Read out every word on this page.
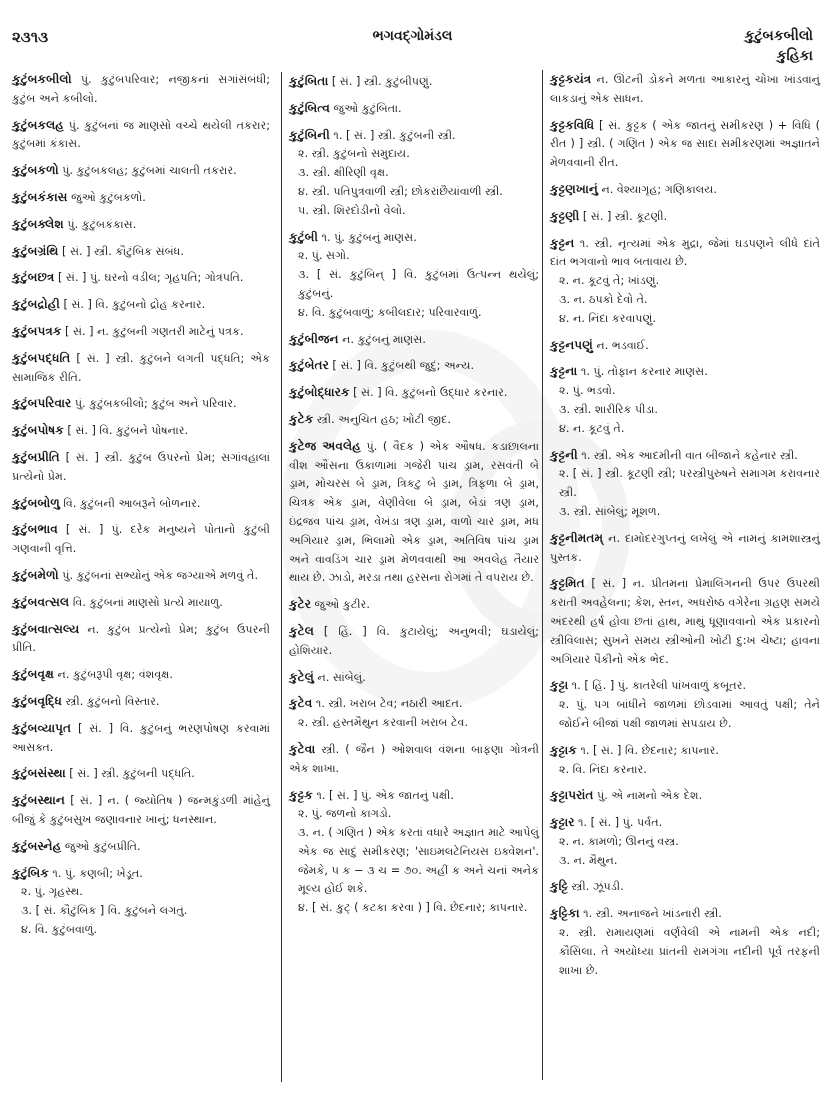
૨૩૧૩	ભગવદ્ગોમંડલ	કુટુંબકબીલો
કુહિકા
કુટુંબકબીલો પું. કુટુંબપરિવાર; નજીકનાં સગાંસંબંધી; કુટુંબ અને કબીલો.
કુટુંબકલહ પું. કુટુંબનાં જ માણસો વચ્ચે થયેલી તકરાર; કુટુંબમાં કંકાસ.
કુટુંબકળો પું. કુટુંબકલહ; કુટુંબમાં ચાલતી તકરાર.
કુટુંબકંકાસ જુઓ કુટુંબકળો.
કુટુંબક્લેશ પું. કુટુંબકંકાસ.
કુટુંબગ્રંથિ [ સં. ] સ્ત્રી. કૌટુંબિક સંબંધ.
કુટુંબછત્ર [ સં. ] પું. ઘરનો વડીલ; ગૃહપતિ; ગોત્રપતિ.
કુટુંબદ્રોહી [ સં. ] વિ. કુટુંબનો દ્રોહ કરનાર.
કુટુંબપત્રક [ સં. ] ન. કુટુંબની ગણતરી માટેનું પત્રક.
કુટુંબપદ્ધતિ [ સં. ] સ્ત્રી. કુટુંબને લગતી પદ્ધતિ; એક સામાજિક રીતિ.
કુટુંબપરિવાર પું. કુટુંબકબીલો; કુટુંબ અને પરિવાર.
કુટુંબપોષક [ સં. ] વિ. કુટુંબને પોષનાર.
કુટુંબપ્રીતિ [ સં. ] સ્ત્રી. કુટુંબ ઉપરનો પ્રેમ; સગાંવહાલાં પ્રત્યેનો પ્રેમ.
કુટુંબબોળુ વિ. કુટુંબની આબરૂને બોળનાર.
કુટુંબભાવ [ સં. ] પું. દરેક મનુષ્યને પોતાનો કુટુંબી ગણવાની વૃત્તિ.
કુટુંબમેળો પું. કુટુંબનાં સભ્યોનું એક જગ્યાએ મળવું તે.
કુટુંબવત્સલ વિ. કુટુંબનાં માણસો પ્રત્યે માયાળુ.
કુટુંબવાત્સલ્ય ન. કુટુંબ પ્રત્યેનો પ્રેમ; કુટુંબ ઉપરની પ્રીતિ.
કુટુંબવૃક્ષ ન. કુટુંબરૂપી વૃક્ષ; વંશવૃક્ષ.
કુટુંબવૃદ્ધિ સ્ત્રી. કુટુંબનો વિસ્તાર.
કુટુંબવ્યાપૃત [ સં. ] વિ. કુટુંબનું ભરણપોષણ કરવામાં આસક્ત.
કુટુંબસંસ્થા [ સં. ] સ્ત્રી. કુટુંબની પદ્ધતિ.
કુટુંબસ્થાન [ સં. ] ન. ( જ્યોતિષ ) જન્મકુંડળી માંહેનું બીજું કે કુટુંબસુખ જણાવનાર ખાનું; ધનસ્થાન.
કુટુંબસ્નેહ જુઓ કુટુંબપ્રીતિ.
કુટુંબિક ૧. પું. કણબી; ખેડૂત.
૨. પું. ગૃહસ્થ.
૩. [ સં. કૌટુંબિક ] વિ. કુટુંબને લગતું.
૪. વિ. કુટુંબવાળું.
કુટુંબિતા [ સં. ] સ્ત્રી. કુટુંબીપણું.
કુટુંબિત્વ જુઓ કુટુંબિતા.
કુટુંબિની ૧. [ સં. ] સ્ત્રી. કુટુંબની સ્ત્રી.
૨. સ્ત્રી. કુટુંબનો સમુદાય.
૩. સ્ત્રી. ક્ષીરિણી વૃક્ષ.
૪. સ્ત્રી. પતિપુત્રવાળી સ્ત્રી; છોકરાંછૈયાંવાળી સ્ત્રી.
૫. સ્ત્રી. શિરદોડીનો વેલો.
કુટુંબી ૧. પું. કુટુંબનું માણસ.
૨. પું. સગો.
૩. [ સં. કુટુંબિન્ ] વિ. કુટુંબમાં ઉત્પન્ન થયેલું; કુટુંબનું.
૪. વિ. કુટુંબવાળું; કબીલદાર; પરિવારવાળું.
કુટુંબીજન ન. કુટુંબનું માણસ.
કુટુંબેતર [ સં. ] વિ. કુટુંબથી જુદું; અન્ય.
કુટુંબોદ્ધારક [ સં. ] વિ. કુટુંબનો ઉદ્ધાર કરનાર.
કુટેક સ્ત્રી. અનુચિત હઠ; ખોટી જીદ.
કુટેજ અવલેહ પું. ( વૈદક ) એક ઔષધ. કડાછાલના વીશ ઔંસના ઉકાળામાં ગજેરી પાંચ ડ્રામ, રસવંતી બે ડ્રામ, મોચરસ બે ડ્રામ, ત્રિકટુ બે ડ્રામ, ત્રિફળા બે ડ્રામ, ચિત્રક એક ડ્રામ, વેણીવેલા બે ડ્રામ, બેડાં ત્રણ ડ્રામ, ઇંદ્રજવ પાંચ ડ્રામ, વેખંડા ત્રણ ડ્રામ, વાળો ચાર ડ્રામ, મધ અગિયાર ડ્રામ, ભિલામો એક ડ્રામ, અતિવિષ પાંચ ડ્રામ અને વાવડિંગ ચાર ડ્રામ મેળવવાથી આ અવલેહ તૈયાર થાય છે. ઝાડો, મરડા તથા હરસના રોગમાં તે વપરાય છે.
કુટેર જુઓ કુટીર.
કુટેલ [ હિં. ] વિ. કુટાયેલું; અનુભવી; ઘડાયેલું; હોશિયાર.
કુટેલું ન. સાંબેલું.
કુટેવ ૧. સ્ત્રી. ખરાબ ટેવ; નઠારી આદત.
૨. સ્ત્રી. હસ્તમૈથુન કરવાની ખરાબ ટેવ.
કુટેવા સ્ત્રી. ( જૈન ) ઓશવાલ વંશના બાફણા ગોત્રની એક શાખા.
કુટ્ટક ૧. [ સં. ] પું. એક જાતનું પક્ષી.
૨. પું. જળનો કાગડો.
૩. ન. ( ગણિત ) એક કરતાં વધારે અજ્ઞાત માટે આપેલું એક જ સાદું સમીકરણ; 'સાઇમલટેનિયસ ઇક્વેશન'. જેમકે, ૫ ક − ૩ ચ = ૭૦. અહીં ક અને ચનાં અનેક મૂલ્ય હોઈ શકે.
૪. [ સં. કુટ્ ( કટકા કરવા ) ] વિ. છેદનાર; કાપનાર.
કુટ્ટકયંત્ર ન. ઊંટની ડોકને મળતા આકારનું ચોખા ખાંડવાનું લાકડાનું એક સાધન.
કુટ્ટકવિધિ [ સં. કુટ્ટક ( એક જાતનું સમીકરણ ) + વિધિ ( રીત ) ] સ્ત્રી. ( ગણિત ) એક જ સાદા સમીકરણમાં અજ્ઞાતને મેળવવાની રીત.
કુટ્ટણખાનું ન. વેશ્યાગૃહ; ગણિકાલય.
કુટ્ટણી [ સં. ] સ્ત્રી. કૂટણી.
કુટ્ટન ૧. સ્ત્રી. નૃત્યમાં એક મુદ્રા, જેમાં ઘડપણને લીધે દાંતે દાંત ભગવાનો ભાવ બતાવાય છે.
૨. ન. કૂટવું તે; ખાંડણું.
૩. ન. ઠપકો દેવો તે.
૪. ન. નિંદા કરવાપણું.
કુટ્ટનપણું ન. ભડવાઈ.
કુટ્ટના ૧. પું. તોફાન કરનાર માણસ.
૨. પું. ભડવો.
૩. સ્ત્રી. શારીરિક પીડા.
૪. ન. કૂટવું તે.
કુટ્ટની ૧. સ્ત્રી. એક આદમીની વાત બીજાને કહેનાર સ્ત્રી.
૨. [ સં. ] સ્ત્રી. કૂટણી સ્ત્રી; પરસ્ત્રીપુરુષને સમાગમ કરાવનાર સ્ત્રી.
૩. સ્ત્રી. સાંબેલું; મૂશળ.
કુટ્ટનીમતમ્ ન. દામોદરગુપ્તનું લખેલું એ નામનું કામશાસ્ત્રનું પુસ્તક.
કુટ્ટમિત [ સં. ] ન. પ્રીતમના પ્રેમાલિંગનની ઉપર ઉપરથી કરાતી અવહેલના; કેશ, સ્તન, અધરોષ્ઠ વગેરેના ગ્રહણ સમયે અંદરથી હર્ષ હોવા છતાં હાથ, માથું ધૂણાવવાનો એક પ્રકારનો સ્ત્રીવિલાસ; સુખને સમય સ્ત્રીઓની ખોટી દુ:ખ ચેષ્ટા; હાવના અગિયાર પૈકીનો એક ભેદ.
કુટ્ટા ૧. [ હિં. ] પું. કાતરેલી પાંખવાળું કબૂતર.
૨. પું. પગ બાંધીને જાળમાં છોડવામાં આવતું પક્ષી; તેને જોઈને બીજાં પક્ષી જાળમાં સપડાય છે.
કુટ્ટાક ૧. [ સં. ] વિ. છેદનાર; કાપનાર.
૨. વિ. નિંદા કરનાર.
કુટ્ટાપરાંત પું. એ નામનો એક દેશ.
કુટ્ટાર ૧. [ સં. ] પું. પર્વત.
૨. ન. કામળો; ઊનનું વસ્ત્ર.
૩. ન. મૈથુન.
કુટ્ટિ સ્ત્રી. ઝૂંપડી.
કુટ્ટિકા ૧. સ્ત્રી. અનાજને ખાંડનારી સ્ત્રી.
૨. સ્ત્રી. રામાયણમાં વર્ણવેલી એ નામની એક નદી; કૌસિલા. તે અયોધ્યા પ્રાંતની રામગંગા નદીની પૂર્વ તરફની શાખા છે.
